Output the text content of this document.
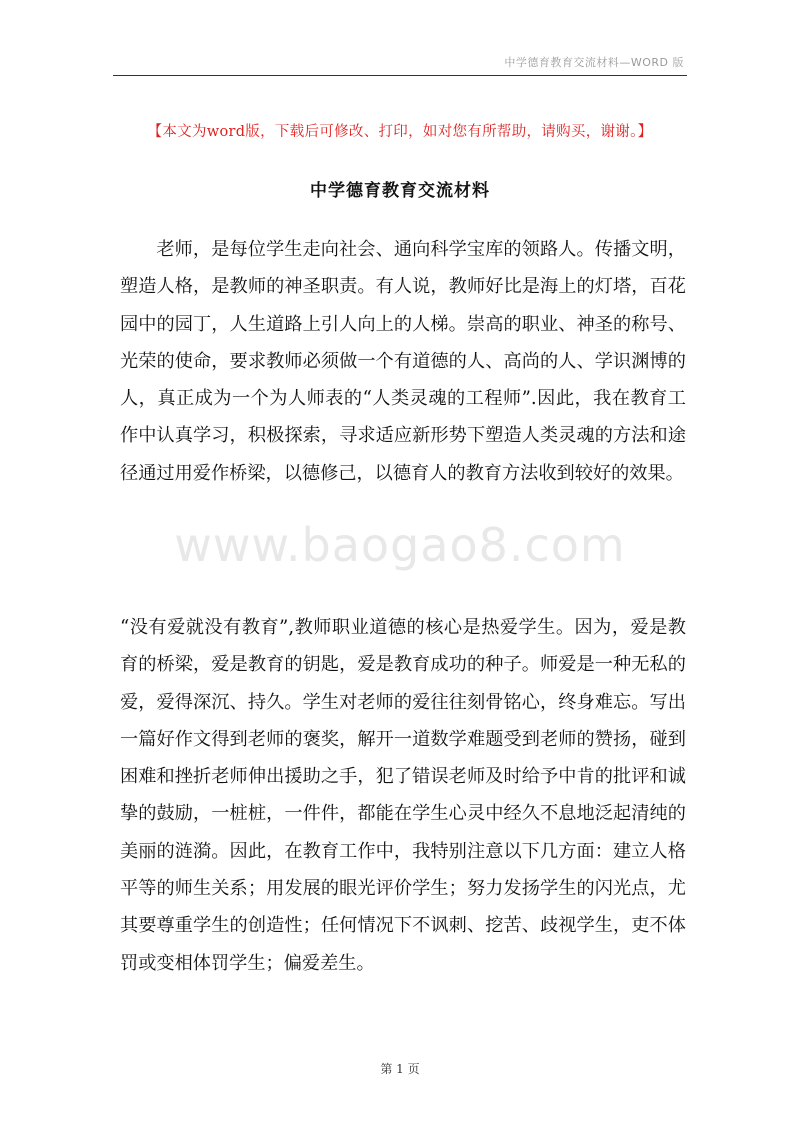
中学德育教育交流材料—WORD 版
【本文为word版，下载后可修改、打印，如对您有所帮助，请购买，谢谢。】
中学德育教育交流材料

老师，是每位学生走向社会、通向科学宝库的领路人。传播文明，塑造人格，是教师的神圣职责。有人说，教师好比是海上的灯塔，百花园中的园丁，人生道路上引人向上的人梯。崇高的职业、神圣的称号、光荣的使命，要求教师必须做一个有道德的人、高尚的人、学识渊博的人，真正成为一个为人师表的“人类灵魂的工程师”.因此，我在教育工作中认真学习，积极探索，寻求适应新形势下塑造人类灵魂的方法和途径通过用爱作桥梁，以德修己，以德育人的教育方法收到较好的效果。

www.baogao8.com

“没有爱就没有教育”,教师职业道德的核心是热爱学生。因为，爱是教育的桥梁，爱是教育的钥匙，爱是教育成功的种子。师爱是一种无私的爱，爱得深沉、持久。学生对老师的爱往往刻骨铭心，终身难忘。写出一篇好作文得到老师的褒奖，解开一道数学难题受到老师的赞扬，碰到困难和挫折老师伸出援助之手，犯了错误老师及时给予中肯的批评和诚挚的鼓励，一桩桩，一件件，都能在学生心灵中经久不息地泛起清纯的美丽的涟漪。因此，在教育工作中，我特别注意以下几方面：建立人格平等的师生关系；用发展的眼光评价学生；努力发扬学生的闪光点，尤其要尊重学生的创造性；任何情况下不讽刺、挖苦、歧视学生，吏不体罚或变相体罚学生；偏爱差生。

第 1 页
